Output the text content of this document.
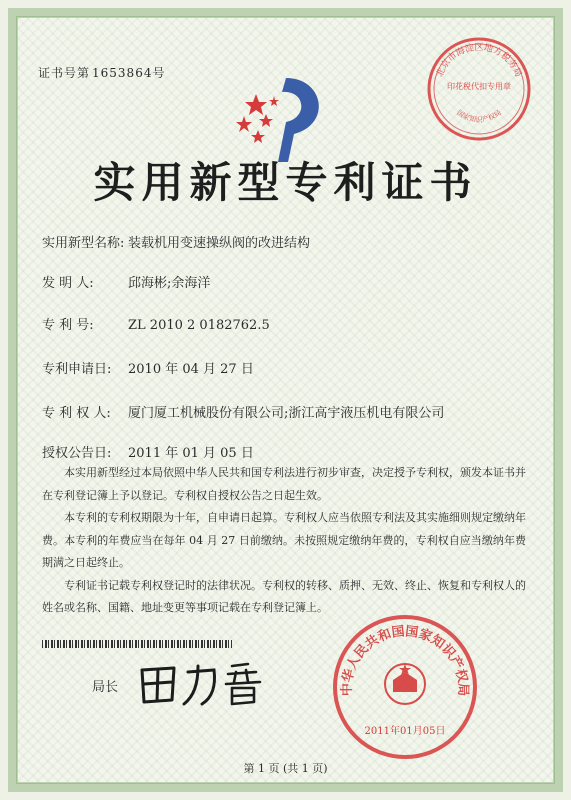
北京市海淀区地方税务局
印花税代扣专用章
国家知识产权局
证书号第 1653864号
实用新型专利证书
实用新型名称: 装载机用变速操纵阀的改进结构
发 明 人:	邱海彬;余海洋
专 利 号:	ZL 2010 2 0182762.5
专利申请日: 2010 年 04 月 27 日
专 利 权 人: 厦门厦工机械股份有限公司;浙江高宇液压机电有限公司
授权公告日: 2011 年 01 月 05 日

本实用新型经过本局依照中华人民共和国专利法进行初步审查，决定授予专利权，颁发本证书并在专利登记簿上予以登记。专利权自授权公告之日起生效。

本专利的专利权期限为十年，自申请日起算。专利权人应当依照专利法及其实施细则规定缴纳年费。本专利的年费应当在每年 04 月 27 日前缴纳。未按照规定缴纳年费的，专利权自应当缴纳年费期满之日起终止。

专利证书记载专利权登记时的法律状况。专利权的转移、质押、无效、终止、恢复和专利权人的姓名或名称、国籍、地址变更等事项记载在专利登记簿上。

局长	中华人民共和国国家知识产权局
2011年01月05日
第 1 页 (共 1 页)
